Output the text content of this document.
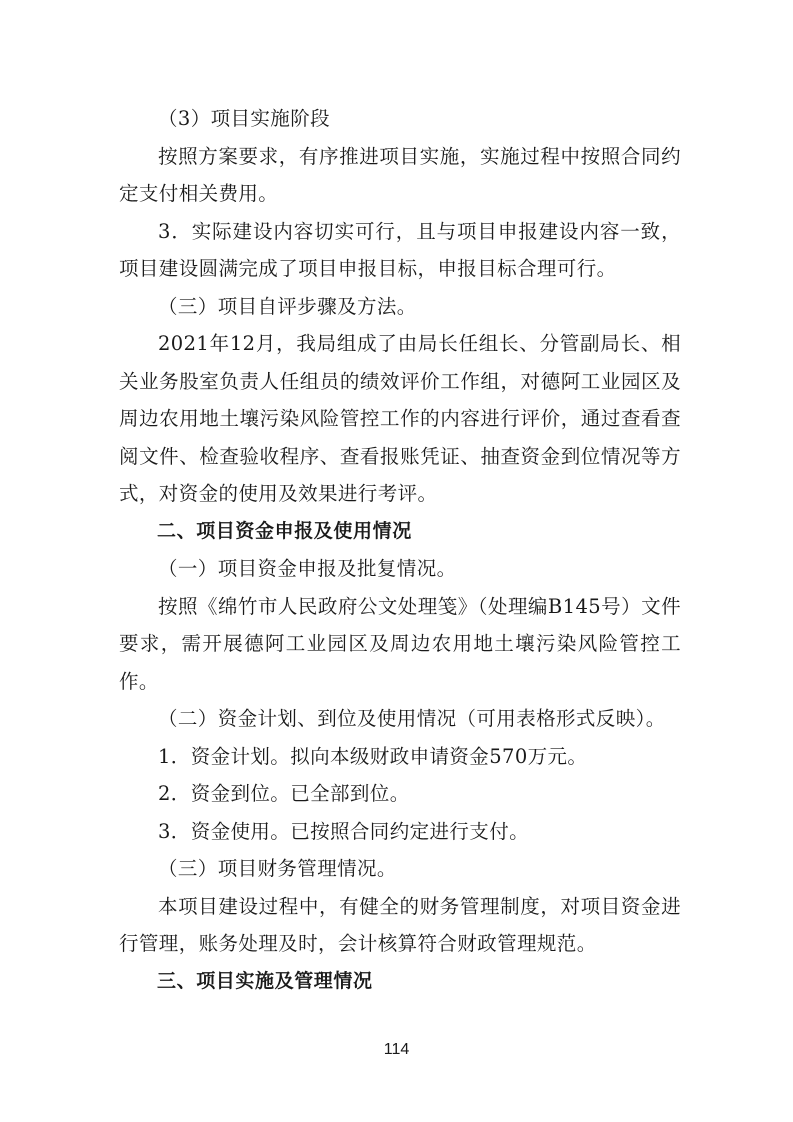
（3）项目实施阶段

按照方案要求，有序推进项目实施，实施过程中按照合同约定支付相关费用。

3．实际建设内容切实可行，且与项目申报建设内容一致，项目建设圆满完成了项目申报目标，申报目标合理可行。

（三）项目自评步骤及方法。

2021年12月，我局组成了由局长任组长、分管副局长、相关业务股室负责人任组员的绩效评价工作组，对德阿工业园区及周边农用地土壤污染风险管控工作的内容进行评价，通过查看查阅文件、检查验收程序、查看报账凭证、抽查资金到位情况等方式，对资金的使用及效果进行考评。

二、项目资金申报及使用情况

（一）项目资金申报及批复情况。

按照《绵竹市人民政府公文处理笺》（处理编B145号）文件要求，需开展德阿工业园区及周边农用地土壤污染风险管控工作。

（二）资金计划、到位及使用情况（可用表格形式反映）。

1．资金计划。拟向本级财政申请资金570万元。

2．资金到位。已全部到位。

3．资金使用。已按照合同约定进行支付。

（三）项目财务管理情况。

本项目建设过程中，有健全的财务管理制度，对项目资金进行管理，账务处理及时，会计核算符合财政管理规范。

三、项目实施及管理情况

114
